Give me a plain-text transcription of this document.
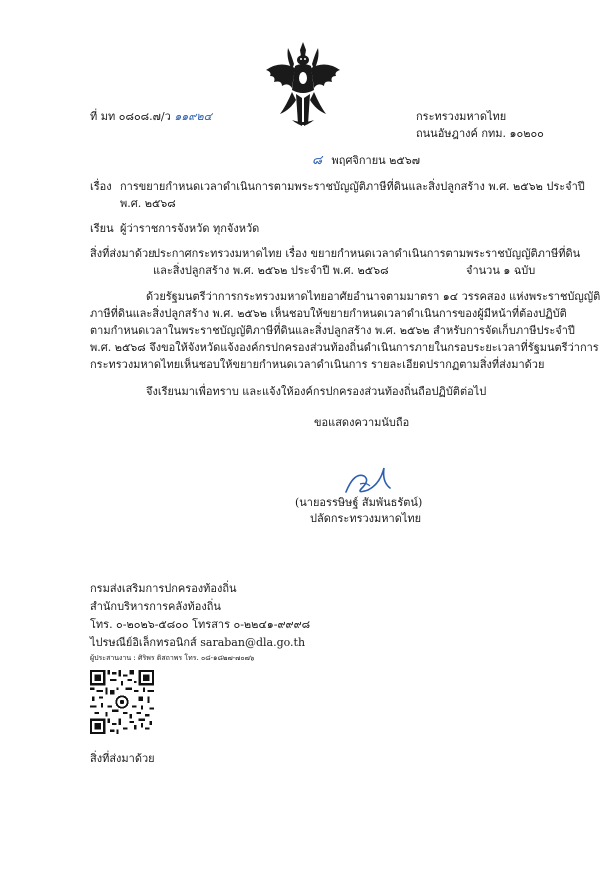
ที่ มท ๐๘๐๘.๗/ว ๑๑๙๒๔	กระทรวงมหาดไทย
ถนนอัษฎางค์ กทม. ๑๐๒๐๐
๘ พฤศจิกายน ๒๕๖๗
เรื่อง การขยายกำหนดเวลาดำเนินการตามพระราชบัญญัติภาษีที่ดินและสิ่งปลูกสร้าง พ.ศ. ๒๕๖๒ ประจำปี
พ.ศ. ๒๕๖๘
เรียน ผู้ว่าราชการจังหวัด ทุกจังหวัด
สิ่งที่ส่งมาด้วย
ประกาศกระทรวงมหาดไทย เรื่อง ขยายกำหนดเวลาดำเนินการตามพระราชบัญญัติภาษีที่ดิน
และสิ่งปลูกสร้าง พ.ศ. ๒๕๖๒ ประจำปี พ.ศ. ๒๕๖๘	จำนวน ๑ ฉบับ
ด้วยรัฐมนตรีว่าการกระทรวงมหาดไทยอาศัยอำนาจตามมาตรา ๑๔ วรรคสอง แห่งพระราชบัญญัติ
ภาษีที่ดินและสิ่งปลูกสร้าง พ.ศ. ๒๕๖๒ เห็นชอบให้ขยายกำหนดเวลาดำเนินการของผู้มีหน้าที่ต้องปฏิบัติ
ตามกำหนดเวลาในพระราชบัญญัติภาษีที่ดินและสิ่งปลูกสร้าง พ.ศ. ๒๕๖๒ สำหรับการจัดเก็บภาษีประจำปี
พ.ศ. ๒๕๖๘ จึงขอให้จังหวัดแจ้งองค์กรปกครองส่วนท้องถิ่นดำเนินการภายในกรอบระยะเวลาที่รัฐมนตรีว่าการ
กระทรวงมหาดไทยเห็นชอบให้ขยายกำหนดเวลาดำเนินการ รายละเอียดปรากฏตามสิ่งที่ส่งมาด้วย
จึงเรียนมาเพื่อทราบ และแจ้งให้องค์กรปกครองส่วนท้องถิ่นถือปฏิบัติต่อไป
ขอแสดงความนับถือ
(นายอรรษิษฐ์ สัมพันธรัตน์)
ปลัดกระทรวงมหาดไทย
กรมส่งเสริมการปกครองท้องถิ่น
สำนักบริหารการคลังท้องถิ่น
โทร. ๐-๒๐๒๖-๕๘๐๐ โทรสาร ๐-๒๒๔๑-๙๙๙๘
ไปรษณีย์อิเล็กทรอนิกส์ saraban@dla.go.th
ผู้ประสานงาน : ศิริพร ติสถาพร โทร. ๐๘-๑๘๒๗-๗๐๗๖
สิ่งที่ส่งมาด้วย
